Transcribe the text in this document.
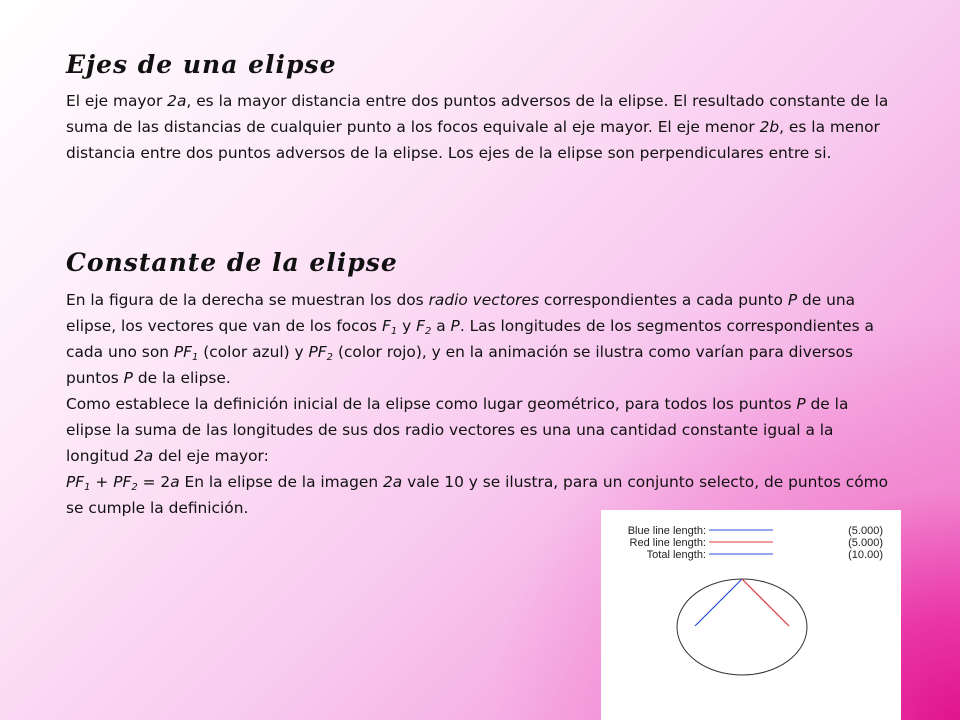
Ejes de una elipse

El eje mayor 2a, es la mayor distancia entre dos puntos adversos de la elipse. El resultado constante de la suma de las distancias de cualquier punto a los focos equivale al eje mayor. El eje menor 2b, es la menor distancia entre dos puntos adversos de la elipse. Los ejes de la elipse son perpendiculares entre si.

Constante de la elipse

En la figura de la derecha se muestran los dos radio vectores correspondientes a cada punto P de una elipse, los vectores que van de los focos $F_1$ y $F_2$ a P. Las longitudes de los segmentos correspondientes a cada uno son $PF_1$ (color azul) y $PF_2$ (color rojo), y en la animación se ilustra como varían para diversos puntos P de la elipse.
Como establece la definición inicial de la elipse como lugar geométrico, para todos los puntos P de la elipse la suma de las longitudes de sus dos radio vectores es una una cantidad constante igual a la longitud 2a del eje mayor:
$PF_1 + PF_2 = 2a$ En la elipse de la imagen 2a vale 10 y se ilustra, para un conjunto selecto, de puntos cómo se cumple la definición.

Blue line length:	(5.000)
Red line length:	(5.000)
Total length:	(10.00)
